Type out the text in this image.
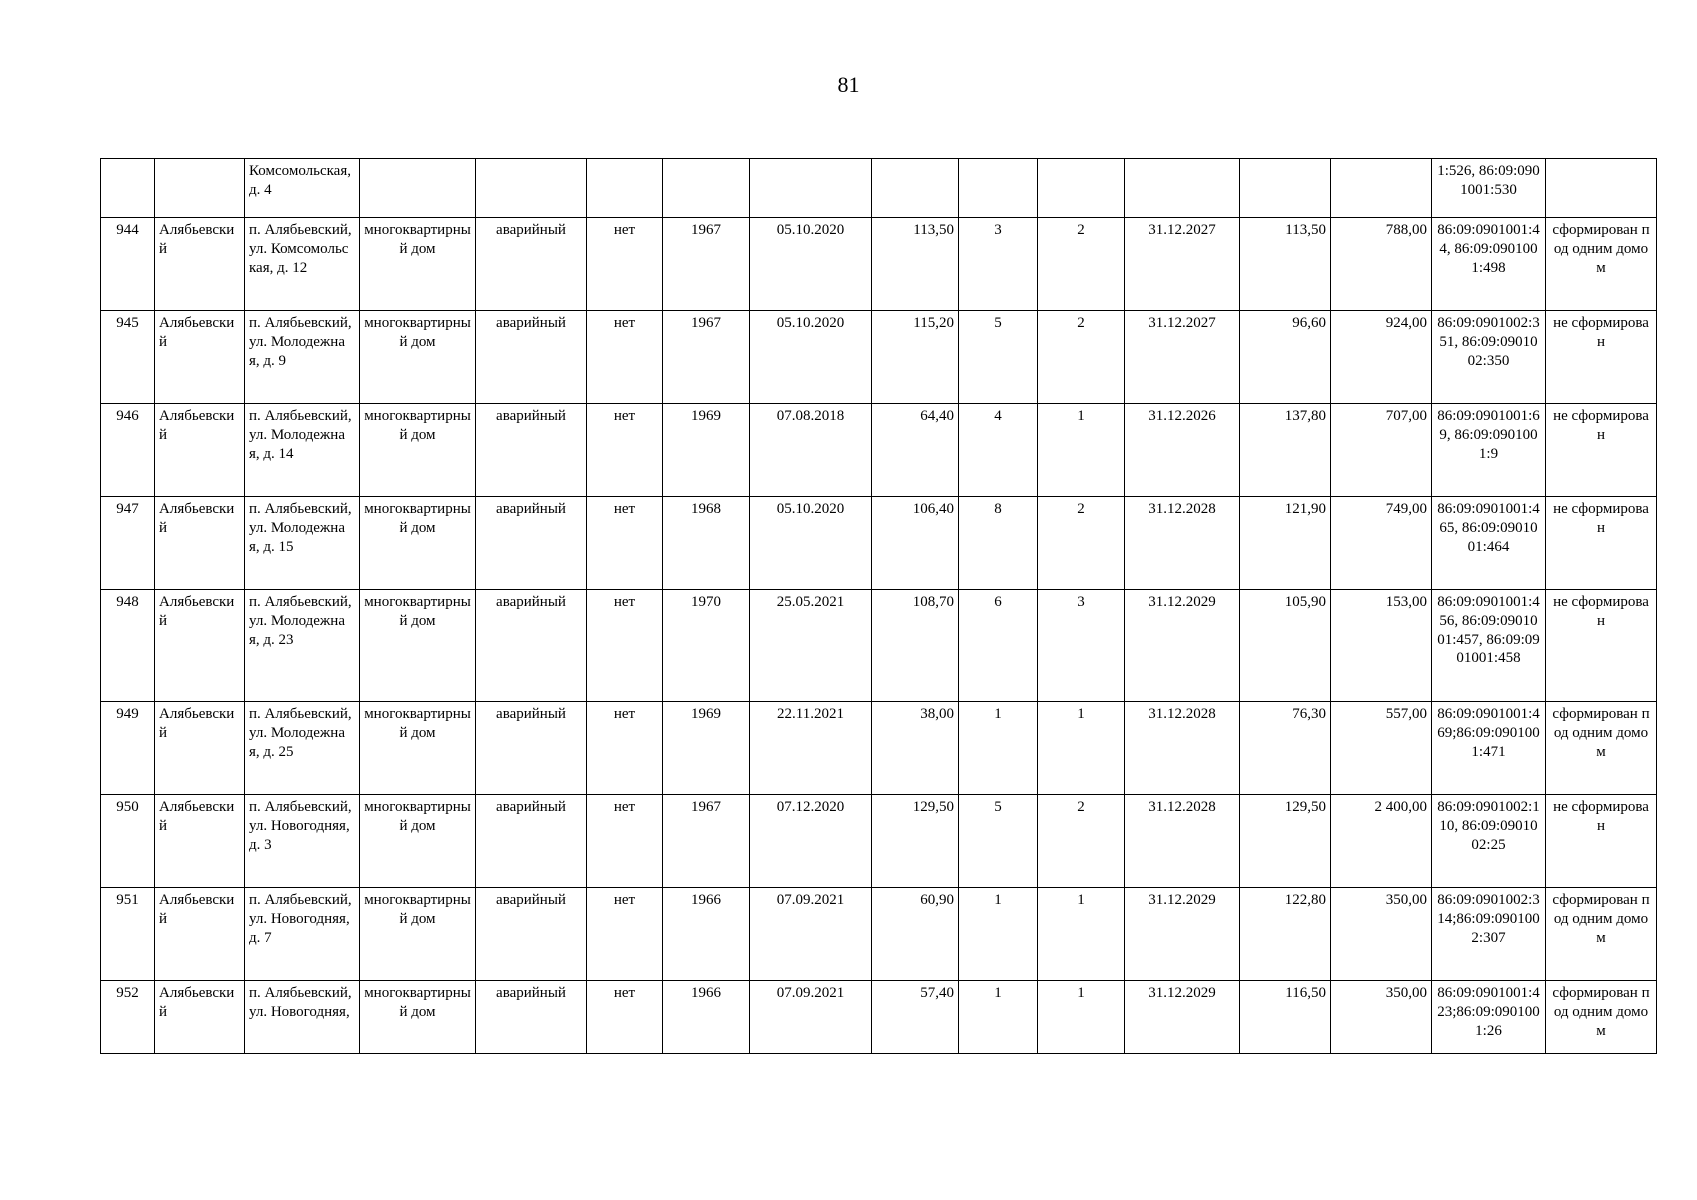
81
		Комсомольская, д. 4												1:526, 86:09:0901001:530	
944	Алябьевский	п. Алябьевский, ул. Комсомольская, д. 12	многоквартирный дом	аварийный	нет	1967	05.10.2020	113,50	3	2	31.12.2027	113,50	788,00	86:09:0901001:44, 86:09:0901001:498	сформирован под одним домом
945	Алябьевский	п. Алябьевский, ул. Молодежная, д. 9	многоквартирный дом	аварийный	нет	1967	05.10.2020	115,20	5	2	31.12.2027	96,60	924,00	86:09:0901002:351, 86:09:0901002:350	не сформирован
946	Алябьевский	п. Алябьевский, ул. Молодежная, д. 14	многоквартирный дом	аварийный	нет	1969	07.08.2018	64,40	4	1	31.12.2026	137,80	707,00	86:09:0901001:69, 86:09:0901001:9	не сформирован
947	Алябьевский	п. Алябьевский, ул. Молодежная, д. 15	многоквартирный дом	аварийный	нет	1968	05.10.2020	106,40	8	2	31.12.2028	121,90	749,00	86:09:0901001:465, 86:09:0901001:464	не сформирован
948	Алябьевский	п. Алябьевский, ул. Молодежная, д. 23	многоквартирный дом	аварийный	нет	1970	25.05.2021	108,70	6	3	31.12.2029	105,90	153,00	86:09:0901001:456, 86:09:0901001:457, 86:09:0901001:458	не сформирован
949	Алябьевский	п. Алябьевский, ул. Молодежная, д. 25	многоквартирный дом	аварийный	нет	1969	22.11.2021	38,00	1	1	31.12.2028	76,30	557,00	86:09:0901001:469;86:09:0901001:471	сформирован под одним домом
950	Алябьевский	п. Алябьевский, ул. Новогодняя, д. 3	многоквартирный дом	аварийный	нет	1967	07.12.2020	129,50	5	2	31.12.2028	129,50	2 400,00	86:09:0901002:110, 86:09:0901002:25	не сформирован
951	Алябьевский	п. Алябьевский, ул. Новогодняя, д. 7	многоквартирный дом	аварийный	нет	1966	07.09.2021	60,90	1	1	31.12.2029	122,80	350,00	86:09:0901002:314;86:09:0901002:307	сформирован под одним домом
952	Алябьевский	п. Алябьевский, ул. Новогодняя,	многоквартирный дом	аварийный	нет	1966	07.09.2021	57,40	1	1	31.12.2029	116,50	350,00	86:09:0901001:423;86:09:0901001:26	сформирован под одним домом
